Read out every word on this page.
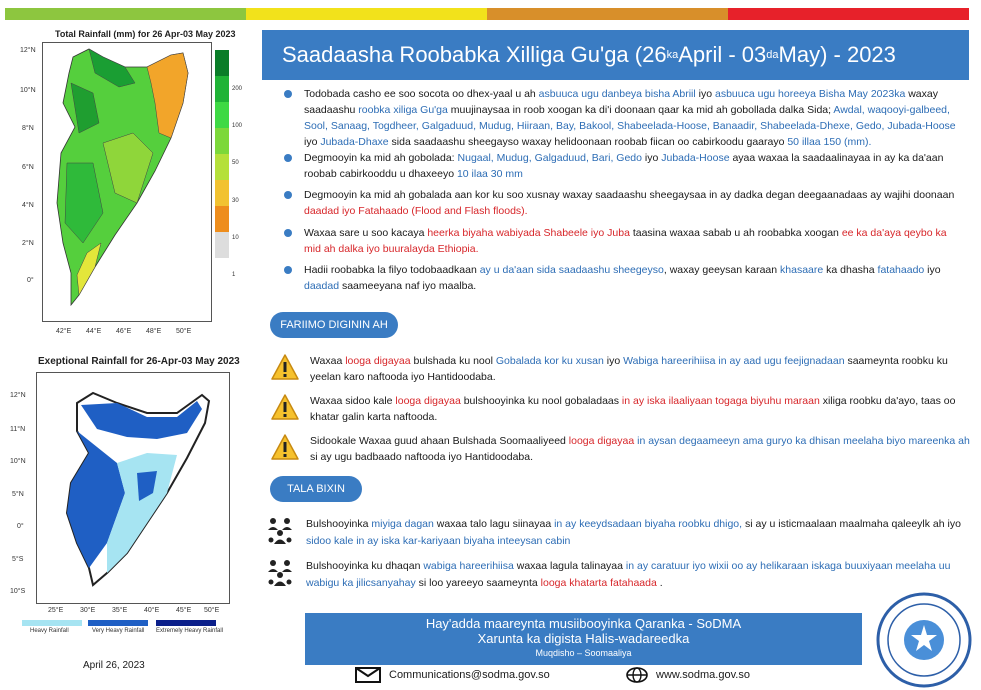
Total Rainfall (mm) for 26 Apr-03 May 2023
12°N
10°N
8°N
6°N
4°N
2°N
0°
42°E 44°E 46°E 48°E 50°E
200
100
50
30
10
1
Exeptional Rainfall for 26-Apr-03 May 2023
12°N
11°N
10°N
5°N
0°
5°S
10°S
25°E 30°E 35°E 40°E 45°E 50°E
Heavy Rainfall	Very Heavy Rainfall Extremely Heavy Rainfall
April 26, 2023
Saadaasha Roobabka Xilliga Gu'ga (26 ka April - 03 da May) - 2023
Todobada casho ee soo socota oo dhex-yaal u ah asbuuca ugu danbeya bisha Abriil iyo asbuuca ugu horeeya Bisha May 2023ka waxay saadaashu roobka xiliga Gu'ga muujinaysaa in roob xoogan ka di'i doonaan qaar ka mid ah gobollada dalka Sida; Awdal, waqooyi-galbeed, Sool, Sanaag, Togdheer, Galgaduud, Mudug, Hiiraan, Bay, Bakool, Shabeelada-Hoose, Banaadir, Shabeelada-Dhexe, Gedo, Jubada-Hoose iyo Jubada-Dhaxe sida saadaashu sheegayso waxay helidoonaan roobab fiican oo cabirkoodu gaarayo 50 illaa 150 (mm).
Degmooyin ka mid ah gobolada: Nugaal, Mudug, Galgaduud, Bari, Gedo iyo Jubada-Hoose ayaa waxaa la saadaalinayaa in ay ka da'aan roobab cabirkooddu u dhaxeeyo 10 ilaa 30 mm
Degmooyin ka mid ah gobalada aan kor ku soo xusnay waxay saadaashu sheegaysaa in ay dadka degan deegaanadaas ay wajihi doonaan daadad iyo Fatahaado (Flood and Flash floods).
Waxaa sare u soo kacaya heerka biyaha wabiyada Shabeele iyo Juba taasina waxaa sabab u ah roobabka xoogan ee ka da'aya qeybo ka mid ah dalka iyo buuralayda Ethiopia.
Hadii roobabka la filyo todobaadkaan ay u da'aan sida saadaashu sheegeyso, waxay geeysan karaan khasaare ka dhasha fatahaado iyo daadad saameeyana naf iyo maalba.
FARIIMO DIGININ AH
Waxaa looga digayaa bulshada ku nool Gobalada kor ku xusan iyo Wabiga hareerihiisa in ay aad ugu feejignadaan saameynta roobku ku yeelan karo naftooda iyo Hantidoodaba.
Waxaa sidoo kale looga digayaa bulshooyinka ku nool gobaladaas in ay iska ilaaliyaan togaga biyuhu maraan xiliga roobku da'ayo, taas oo khatar galin karta naftooda.
Sidookale Waxaa guud ahaan Bulshada Soomaaliyeed looga digayaa in aysan degaameeyn ama guryo ka dhisan meelaha biyo mareenka ah si ay ugu badbaado naftooda iyo Hantidoodaba.
TALA BIXIN
Bulshooyinka miyiga dagan waxaa talo lagu siinayaa in ay keeydsadaan biyaha roobku dhigo, si ay u isticmaalaan maalmaha qaleeylk ah iyo sidoo kale in ay iska kar-kariyaan biyaha inteeysan cabin
Bulshooyinka ku dhaqan wabiga hareerihiisa waxaa lagula talinayaa in ay caratuur iyo wixii oo ay helikaraan iskaga buuxiyaan meelaha uu wabigu ka jilicsanyahay si loo yareeyo saameynta looga khatarta fatahaada .
Hay'adda maareynta musiibooyinka Qaranka - SoDMA
Xarunta ka digista Halis-wadareedka
Muqdisho – Soomaaliya
Communications@sodma.gov.so	www.sodma.gov.so
